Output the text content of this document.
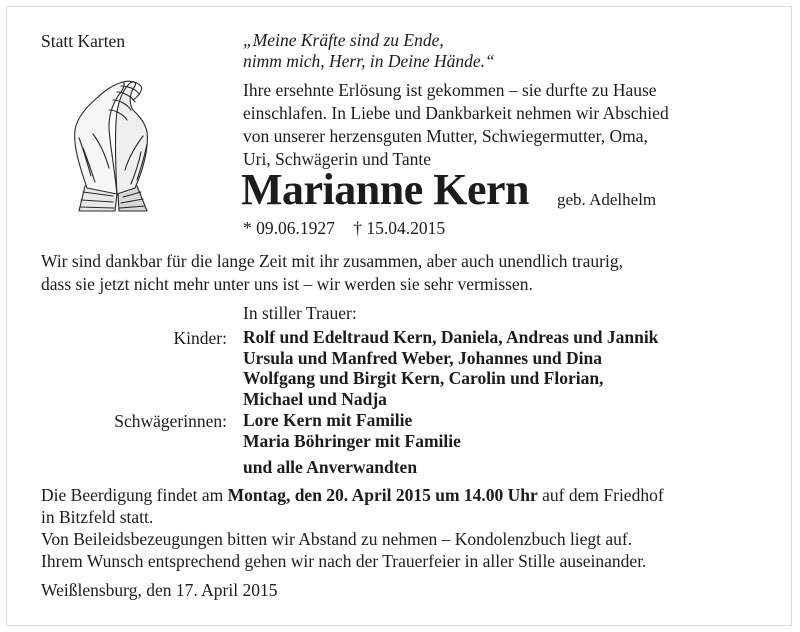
Statt Karten	„Meine Kräfte sind zu Ende,
nimm mich, Herr, in Deine Hände.“
Ihre ersehnte Erlösung ist gekommen – sie durfte zu Hause
einschlafen. In Liebe und Dankbarkeit nehmen wir Abschied
von unserer herzensguten Mutter, Schwiegermutter, Oma,
Uri, Schwägerin und Tante
Marianne Kern geb. Adelhelm
* 09.06.1927 † 15.04.2015
Wir sind dankbar für die lange Zeit mit ihr zusammen, aber auch unendlich traurig,
dass sie jetzt nicht mehr unter uns ist – wir werden sie sehr vermissen.
In stiller Trauer:
Kinder: Rolf und Edeltraud Kern, Daniela, Andreas und Jannik
Ursula und Manfred Weber, Johannes und Dina
Wolfgang und Birgit Kern, Carolin und Florian,
Michael und Nadja
Schwägerinnen: Lore Kern mit Familie
Maria Böhringer mit Familie
und alle Anverwandten
Die Beerdigung findet am Montag, den 20. April 2015 um 14.00 Uhr auf dem Friedhof
in Bitzfeld statt.
Von Beileidsbezeugungen bitten wir Abstand zu nehmen – Kondolenzbuch liegt auf.
Ihrem Wunsch entsprechend gehen wir nach der Trauerfeier in aller Stille auseinander.
Weißlensburg, den 17. April 2015
